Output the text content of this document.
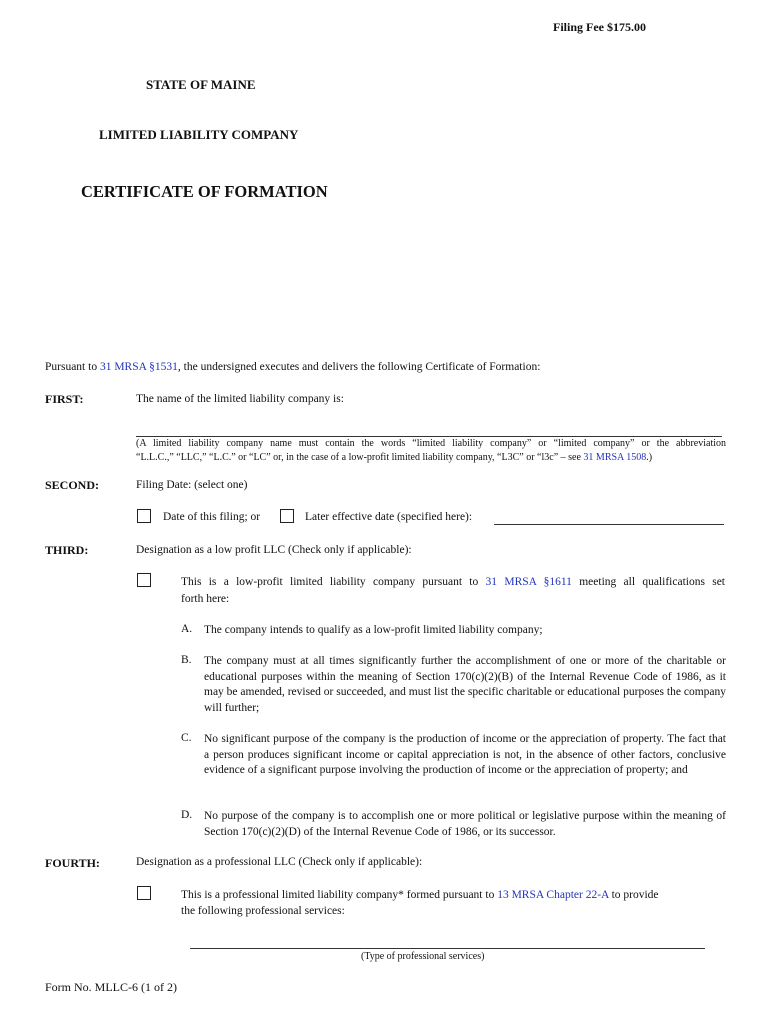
Filing Fee $175.00
STATE OF MAINE
LIMITED LIABILITY COMPANY
CERTIFICATE OF FORMATION
Pursuant to 31 MRSA §1531, the undersigned executes and delivers the following Certificate of Formation:
FIRST:	The name of the limited liability company is:
(A limited liability company name must contain the words “limited liability company” or “limited company” or the abbreviation
“L.L.C.,” “LLC,” “L.C.” or “LC” or, in the case of a low-profit limited liability company, “L3C” or “l3c” – see 31 MRSA 1508.)
SECOND:	Filing Date: (select one)
Date of this filing; or	Later effective date (specified here):
THIRD:	Designation as a low profit LLC (Check only if applicable):
This is a low-profit limited liability company pursuant to 31 MRSA §1611 meeting all qualifications set
forth here:
A. The company intends to qualify as a low-profit limited liability company;
B. The company must at all times significantly further the accomplishment of one or more of the charitable or educational purposes within the meaning of Section 170(c)(2)(B) of the Internal Revenue Code of 1986, as it may be amended, revised or succeeded, and must list the specific charitable or educational purposes the company will further;
C. No significant purpose of the company is the production of income or the appreciation of property. The fact that a person produces significant income or capital appreciation is not, in the absence of other factors, conclusive evidence of a significant purpose involving the production of income or the appreciation of property; and
D. No purpose of the company is to accomplish one or more political or legislative purpose within the meaning of Section 170(c)(2)(D) of the Internal Revenue Code of 1986, or its successor.
FOURTH:	Designation as a professional LLC (Check only if applicable):
This is a professional limited liability company* formed pursuant to 13 MRSA Chapter 22-A to provide
the following professional services:
(Type of professional services)
Form No. MLLC-6 (1 of 2)
